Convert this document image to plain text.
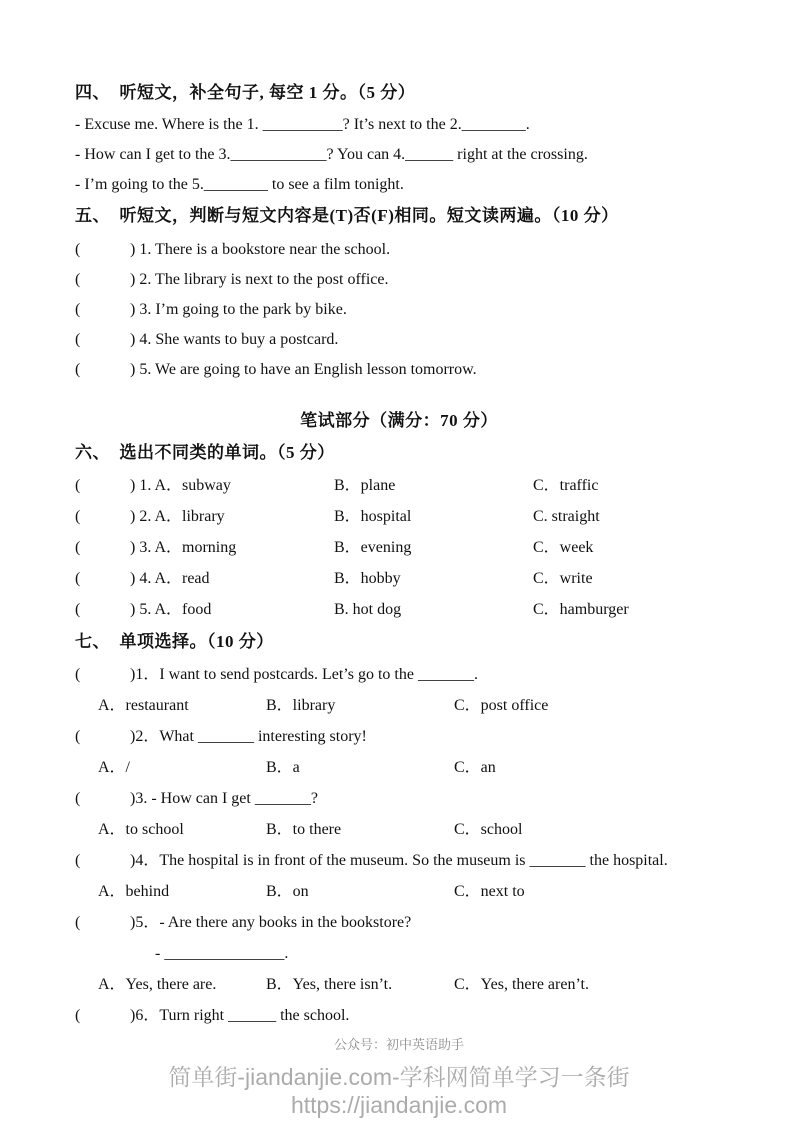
四、  听短文，补全句子, 每空 1 分。（5 分）
- Excuse me. Where is the 1. __________? It’s next to the 2.________.
- How can I get to the 3.____________? You can 4.______ right at the crossing.
- I’m going to the 5.________ to see a film tonight.
五、  听短文，判断与短文内容是(T)否(F)相同。短文读两遍。（10 分）
(	) 1. There is a bookstore near the school.
(	) 2. The library is next to the post office.
(	) 3. I’m going to the park by bike.
(	) 4. She wants to buy a postcard.
(	) 5. We are going to have an English lesson tomorrow.
笔试部分（满分：70 分）
六、  选出不同类的单词。（5 分）
(	) 1. A．subway	B．plane	C．traffic
(	) 2. A．library	B．hospital	C. straight
(	) 3. A．morning	B．evening	C．week
(	) 4. A．read	B．hobby	C．write
(	) 5. A．food	B. hot dog	C．hamburger
七、  单项选择。（10 分）
(	)1．I want to send postcards. Let’s go to the _______.
A．restaurant	B．library	C．post office
(	)2．What _______ interesting story!
A．/	B．a	C．an
(	)3. - How can I get _______?
A．to school	B．to there	C．school
(	)4．The hospital is in front of the museum. So the museum is _______ the hospital.
A．behind	B．on	C．next to
(	)5．- Are there any books in the bookstore?
- _______________.
A．Yes, there are.	B．Yes, there isn’t.	C．Yes, there aren’t.
(	)6．Turn right ______ the school.
公众号：初中英语助手
简单街-jiandanjie.com-学科网简单学习一条街 https://jiandanjie.com
